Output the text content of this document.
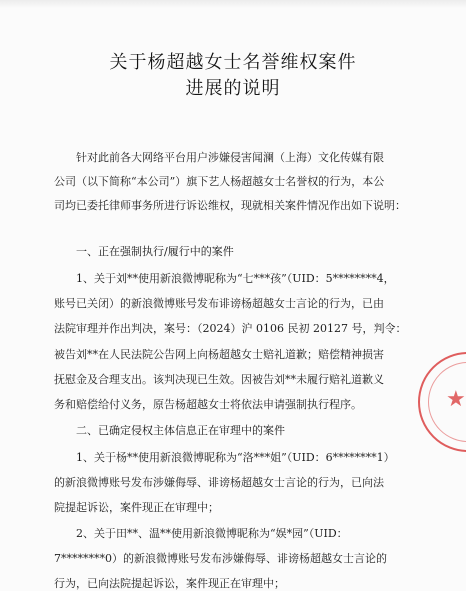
关于杨超越女士名誉维权案件
进展的说明
针对此前各大网络平台用户涉嫌侵害闻澜（上海）文化传媒有限
公司（以下简称“本公司”）旗下艺人杨超越女士名誉权的行为，本公
司均已委托律师事务所进行诉讼维权，现就相关案件情况作出如下说明：
一、正在强制执行/履行中的案件
1、关于刘**使用新浪微博昵称为“七***孩”（UID：5********4，
账号已关闭）的新浪微博账号发布诽谤杨超越女士言论的行为，已由
法院审理并作出判决，案号：（2024）沪 0106 民初 20127 号，判令：
被告刘**在人民法院公告网上向杨超越女士赔礼道歉；赔偿精神损害
抚慰金及合理支出。该判决现已生效。因被告刘**未履行赔礼道歉义
务和赔偿给付义务，原告杨超越女士将依法申请强制执行程序。
二、已确定侵权主体信息正在审理中的案件
1、关于杨**使用新浪微博昵称为“洛***姐”（UID：6********1）
的新浪微博账号发布涉嫌侮辱、诽谤杨超越女士言论的行为，已向法
院提起诉讼，案件现正在审理中；
2、关于田**、温**使用新浪微博昵称为“娱*园”（UID：
7********0）的新浪微博账号发布涉嫌侮辱、诽谤杨超越女士言论的
行为，已向法院提起诉讼，案件现正在审理中；
★
